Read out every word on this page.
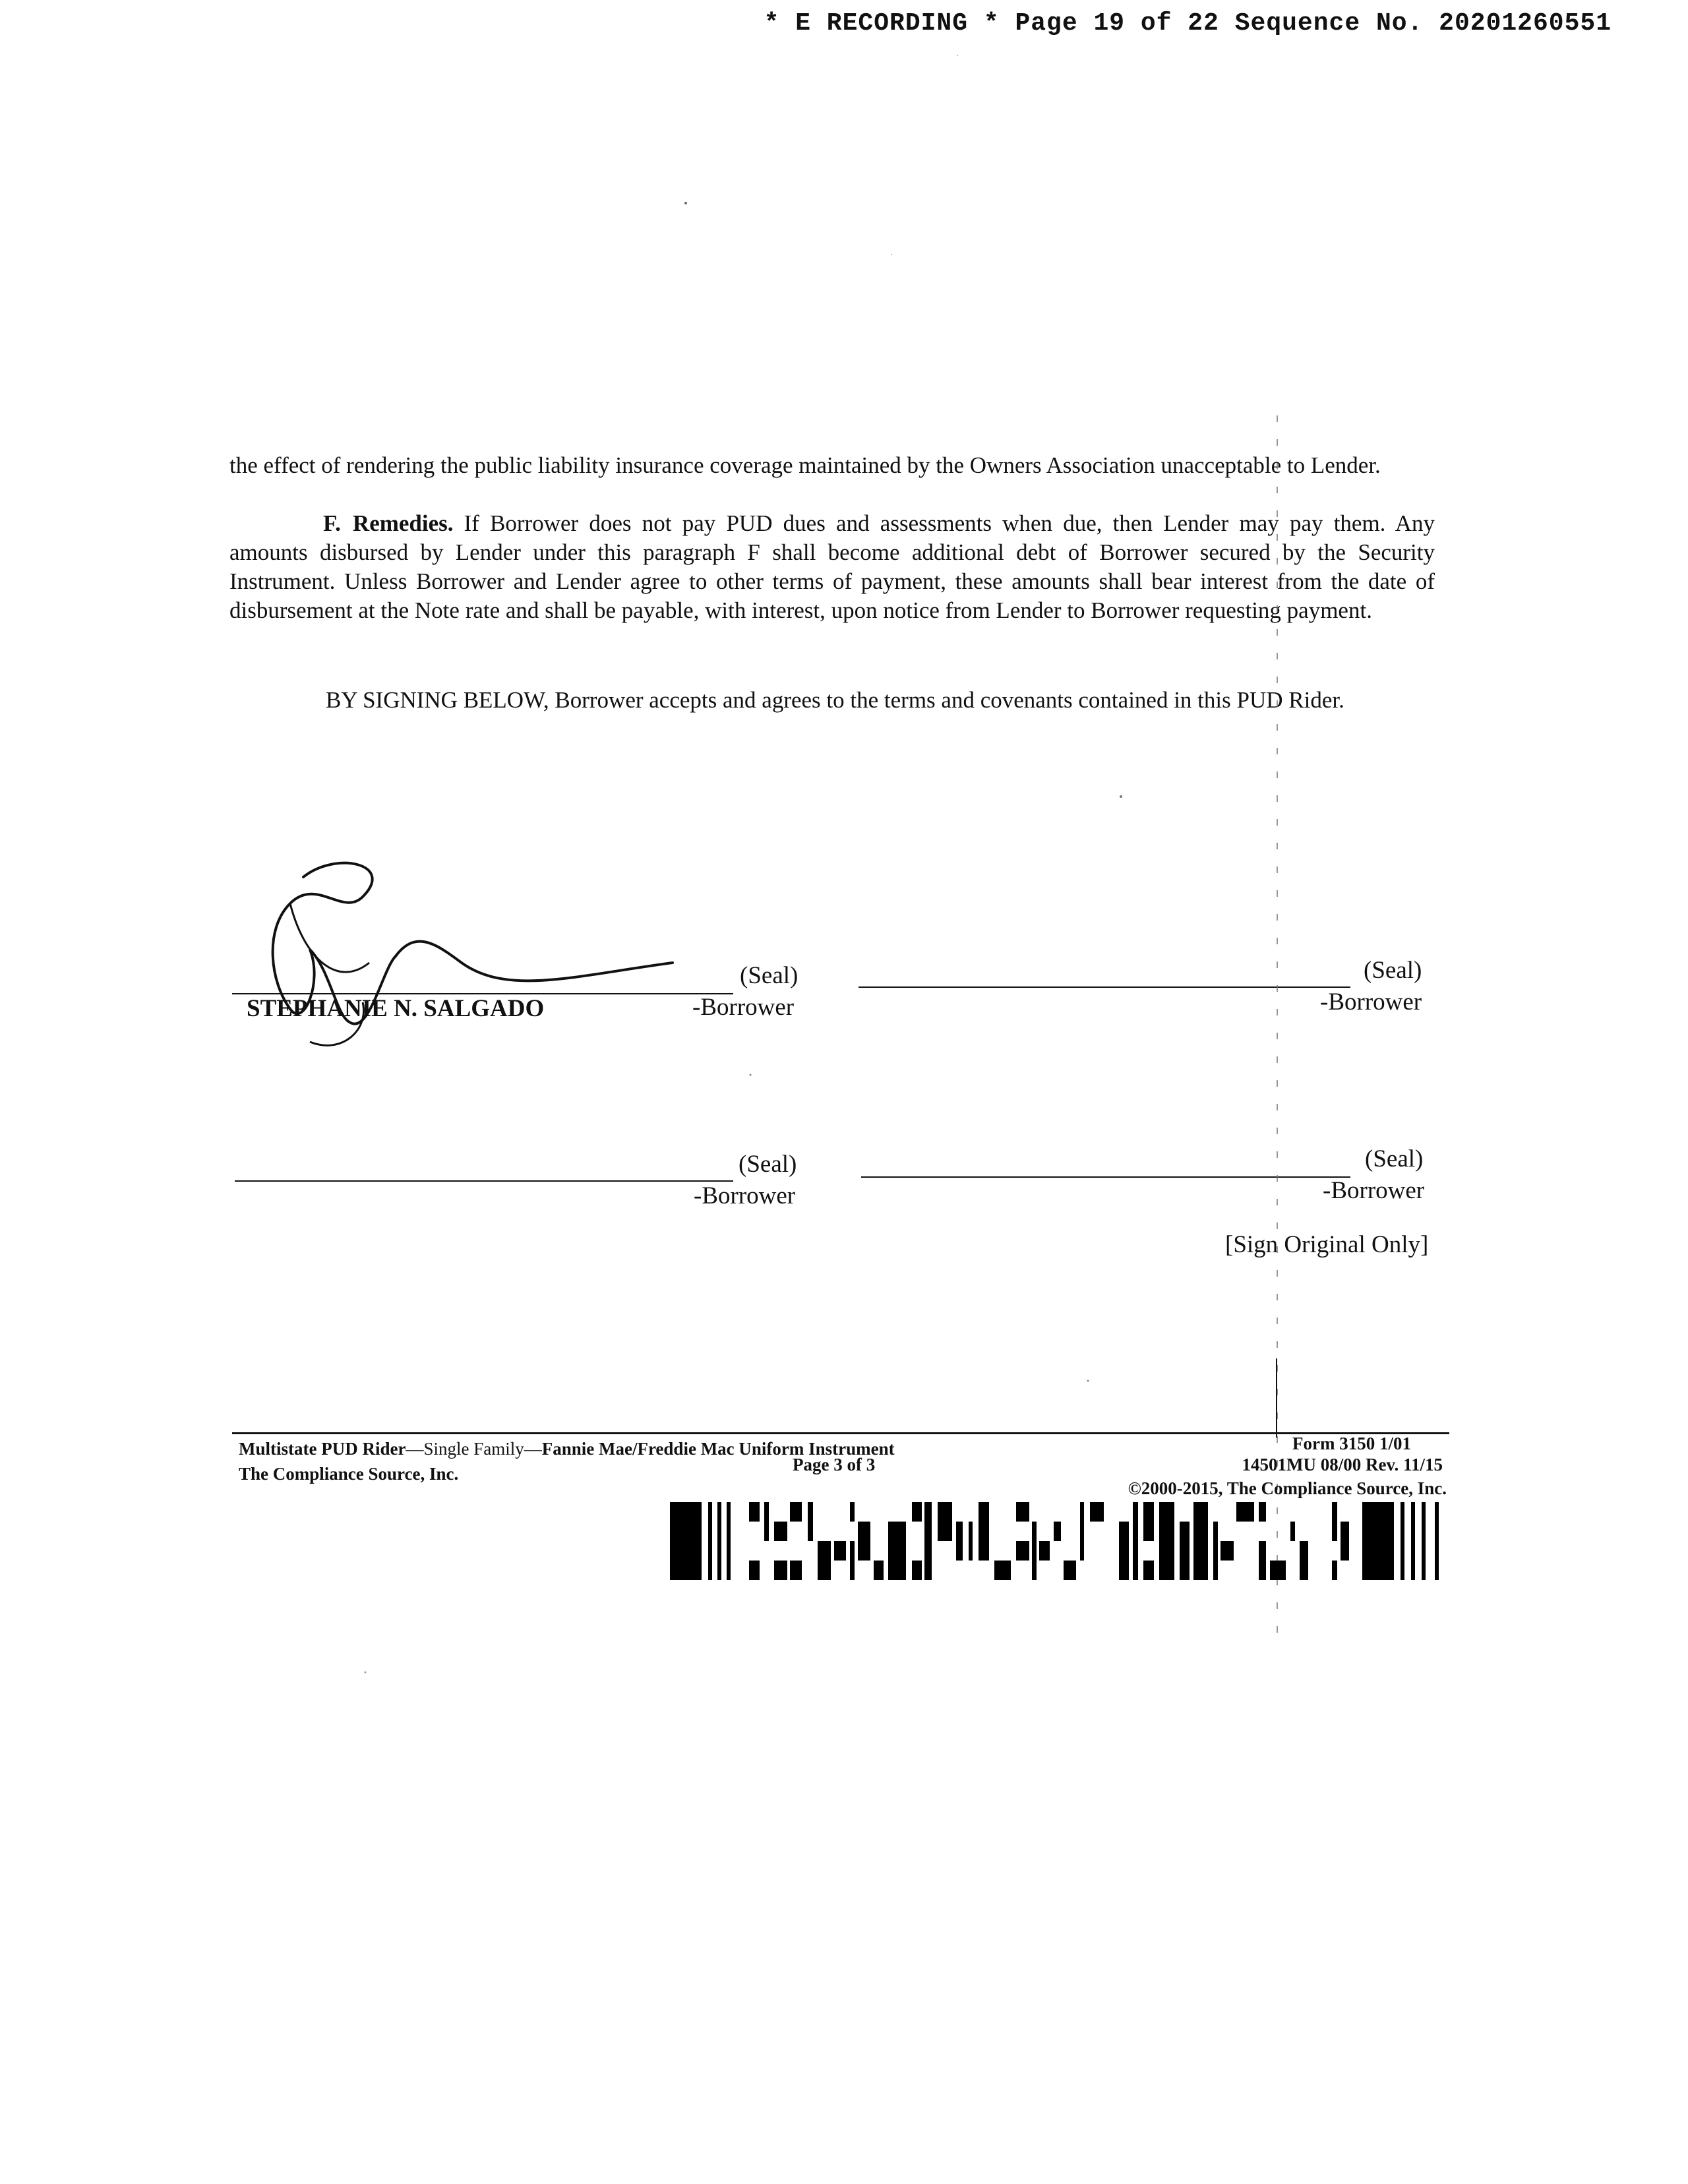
* E RECORDING * Page 19 of 22 Sequence No. 20201260551
the effect of rendering the public liability insurance coverage maintained by the Owners Association unacceptable to Lender.
F. Remedies. If Borrower does not pay PUD dues and assessments when due, then Lender may pay them. Any amounts disbursed by Lender under this paragraph F shall become additional debt of Borrower secured by the Security Instrument. Unless Borrower and Lender agree to other terms of payment, these amounts shall bear interest from the date of disbursement at the Note rate and shall be payable, with interest, upon notice from Lender to Borrower requesting payment.
BY SIGNING BELOW, Borrower accepts and agrees to the terms and covenants contained in this PUD Rider.
(Seal)
-Borrower
STEPHANIE N. SALGADO
(Seal)
-Borrower
(Seal)
-Borrower
(Seal)
-Borrower
[Sign Original Only]
Multistate PUD Rider—Single Family—Fannie Mae/Freddie Mac Uniform Instrument
The Compliance Source, Inc.	Page 3 of 3
Form 3150 1/01
14501MU 08/00 Rev. 11/15
©2000-2015, The Compliance Source, Inc.
